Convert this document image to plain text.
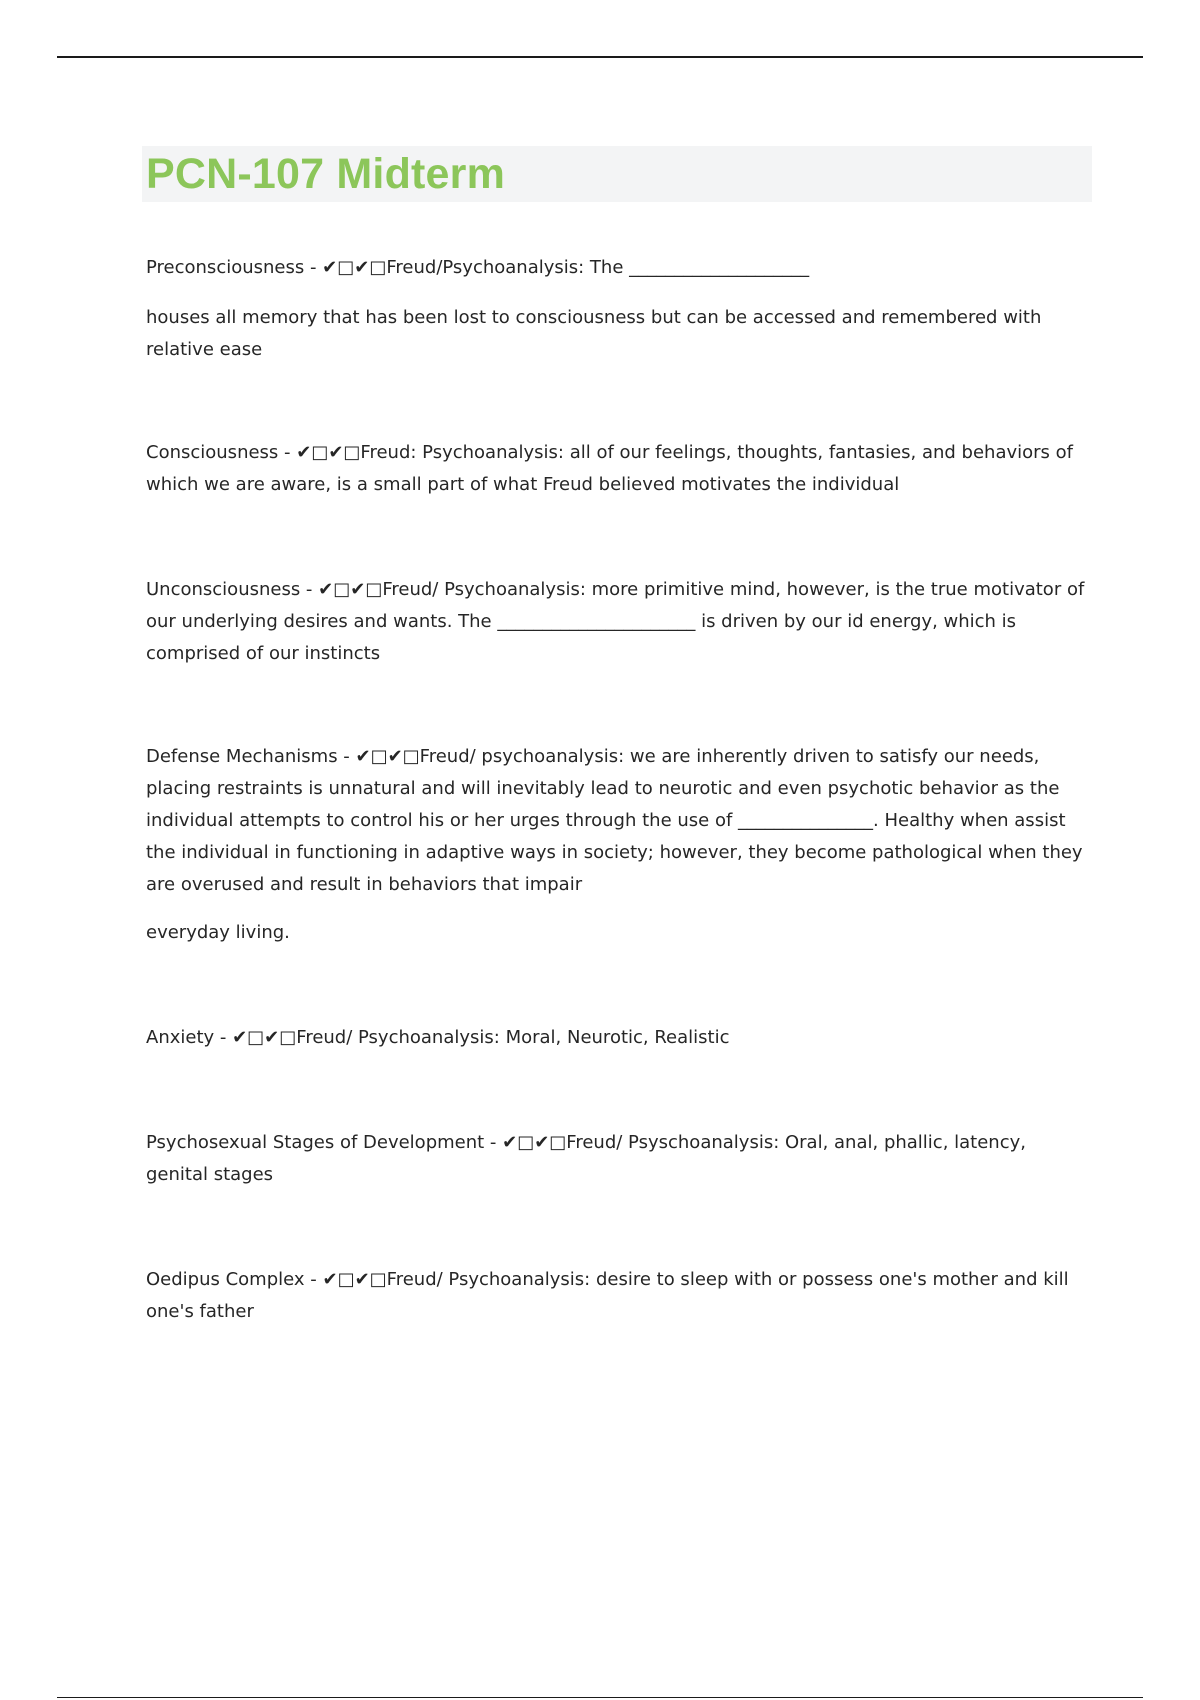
PCN-107 Midterm

Preconsciousness - ✔□✔□Freud/Psychoanalysis: The ____________________

houses all memory that has been lost to consciousness but can be accessed and remembered with relative ease

Consciousness - ✔□✔□Freud: Psychoanalysis: all of our feelings, thoughts, fantasies, and behaviors of which we are aware, is a small part of what Freud believed motivates the individual

Unconsciousness - ✔□✔□Freud/ Psychoanalysis: more primitive mind, however, is the true motivator of our underlying desires and wants. The ______________________ is driven by our id energy, which is comprised of our instincts

Defense Mechanisms - ✔□✔□Freud/ psychoanalysis: we are inherently driven to satisfy our needs, placing restraints is unnatural and will inevitably lead to neurotic and even psychotic behavior as the individual attempts to control his or her urges through the use of _______________. Healthy when assist the individual in functioning in adaptive ways in society; however, they become pathological when they are overused and result in behaviors that impair

everyday living.

Anxiety - ✔□✔□Freud/ Psychoanalysis: Moral, Neurotic, Realistic

Psychosexual Stages of Development - ✔□✔□Freud/ Psyschoanalysis: Oral, anal, phallic, latency, genital stages

Oedipus Complex - ✔□✔□Freud/ Psychoanalysis: desire to sleep with or possess one's mother and kill one's father
